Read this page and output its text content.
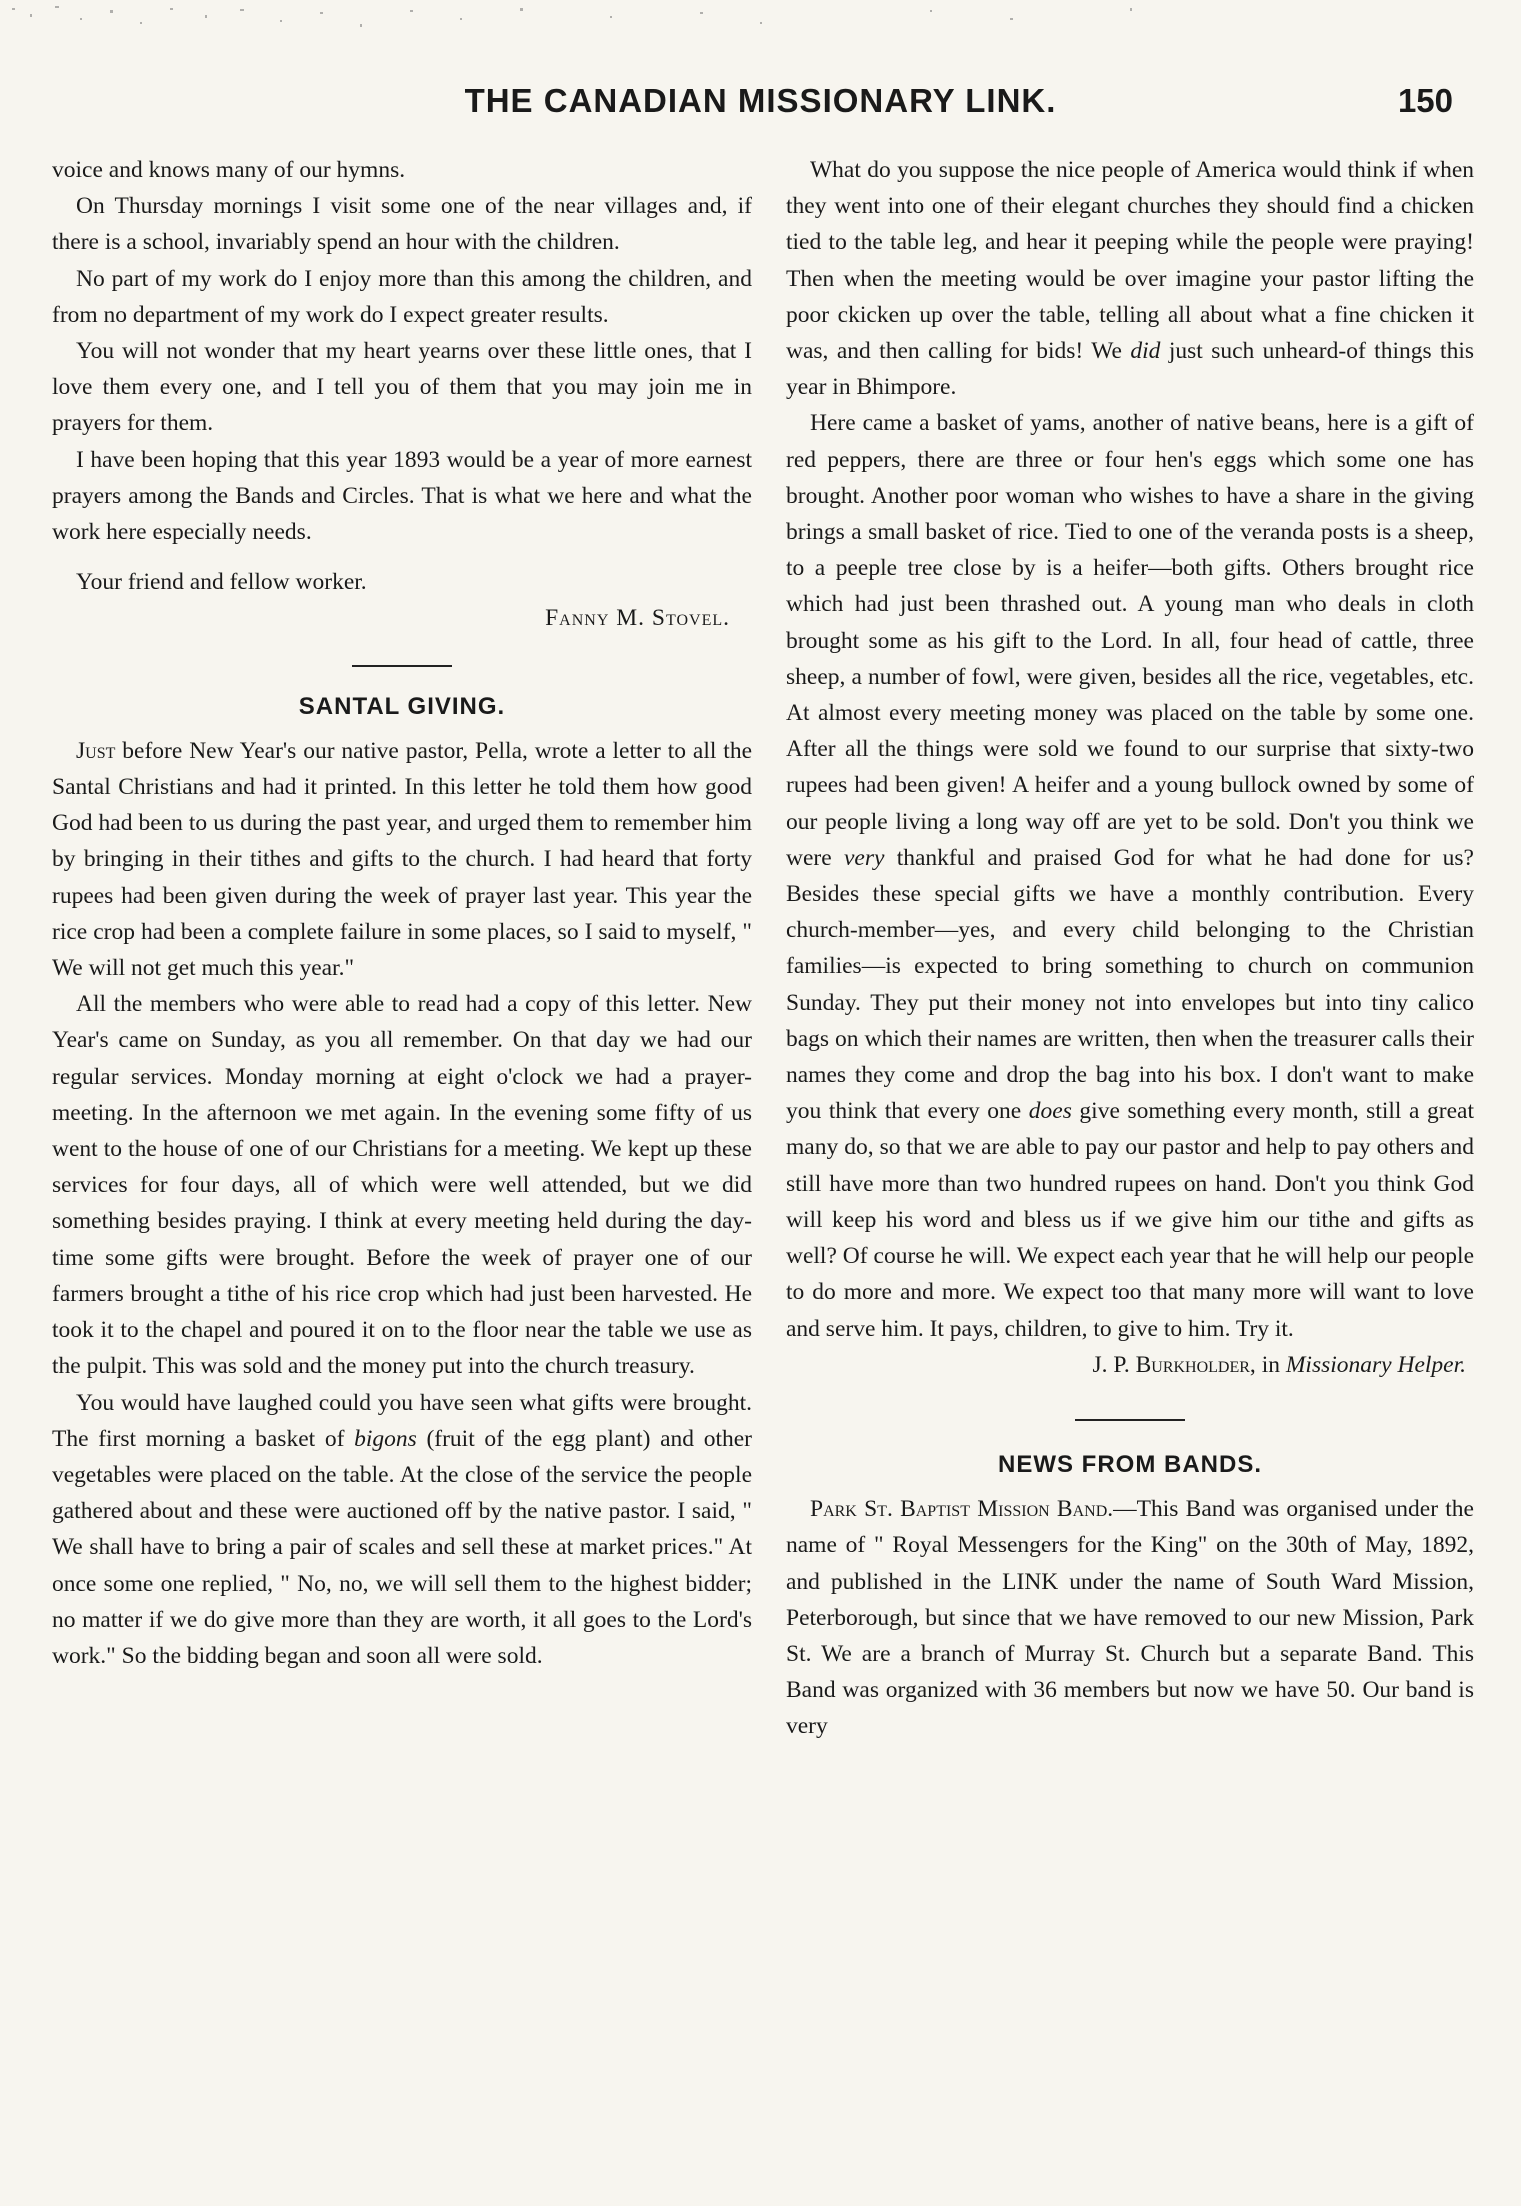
THE CANADIAN MISSIONARY LINK.	150

voice and knows many of our hymns.

On Thursday mornings I visit some one of the near villages and, if there is a school, invariably spend an hour with the children.

No part of my work do I enjoy more than this among the children, and from no department of my work do I expect greater results.

You will not wonder that my heart yearns over these little ones, that I love them every one, and I tell you of them that you may join me in prayers for them.

I have been hoping that this year 1893 would be a year of more earnest prayers among the Bands and Circles. That is what we here and what the work here especially needs.

Your friend and fellow worker.

Fanny M. Stovel.
SANTAL GIVING.

Just before New Year's our native pastor, Pella, wrote a letter to all the Santal Christians and had it printed. In this letter he told them how good God had been to us during the past year, and urged them to remember him by bringing in their tithes and gifts to the church. I had heard that forty rupees had been given during the week of prayer last year. This year the rice crop had been a complete failure in some places, so I said to myself, " We will not get much this year."

All the members who were able to read had a copy of this letter. New Year's came on Sunday, as you all remember. On that day we had our regular services. Monday morning at eight o'clock we had a prayer-meeting. In the afternoon we met again. In the evening some fifty of us went to the house of one of our Christians for a meeting. We kept up these services for four days, all of which were well attended, but we did something besides praying. I think at every meeting held during the day-time some gifts were brought. Before the week of prayer one of our farmers brought a tithe of his rice crop which had just been harvested. He took it to the chapel and poured it on to the floor near the table we use as the pulpit. This was sold and the money put into the church treasury.

You would have laughed could you have seen what gifts were brought. The first morning a basket of bigons (fruit of the egg plant) and other vegetables were placed on the table. At the close of the service the people gathered about and these were auctioned off by the native pastor. I said, " We shall have to bring a pair of scales and sell these at market prices." At once some one replied, " No, no, we will sell them to the highest bidder; no matter if we do give more than they are worth, it all goes to the Lord's work." So the bidding began and soon all were sold.

What do you suppose the nice people of America would think if when they went into one of their elegant churches they should find a chicken tied to the table leg, and hear it peeping while the people were praying! Then when the meeting would be over imagine your pastor lifting the poor ckicken up over the table, telling all about what a fine chicken it was, and then calling for bids! We did just such unheard-of things this year in Bhimpore.

Here came a basket of yams, another of native beans, here is a gift of red peppers, there are three or four hen's eggs which some one has brought. Another poor woman who wishes to have a share in the giving brings a small basket of rice. Tied to one of the veranda posts is a sheep, to a peeple tree close by is a heifer—both gifts. Others brought rice which had just been thrashed out. A young man who deals in cloth brought some as his gift to the Lord. In all, four head of cattle, three sheep, a number of fowl, were given, besides all the rice, vegetables, etc. At almost every meeting money was placed on the table by some one. After all the things were sold we found to our surprise that sixty-two rupees had been given! A heifer and a young bullock owned by some of our people living a long way off are yet to be sold. Don't you think we were very thankful and praised God for what he had done for us? Besides these special gifts we have a monthly contribution. Every church-member—yes, and every child belonging to the Christian families—is expected to bring something to church on communion Sunday. They put their money not into envelopes but into tiny calico bags on which their names are written, then when the treasurer calls their names they come and drop the bag into his box. I don't want to make you think that every one does give something every month, still a great many do, so that we are able to pay our pastor and help to pay others and still have more than two hundred rupees on hand. Don't you think God will keep his word and bless us if we give him our tithe and gifts as well? Of course he will. We expect each year that he will help our people to do more and more. We expect too that many more will want to love and serve him. It pays, children, to give to him. Try it.

J. P. Burkholder, in Missionary Helper.
NEWS FROM BANDS.

Park St. Baptist Mission Band.—This Band was organised under the name of " Royal Messengers for the King" on the 30th of May, 1892, and published in the LINK under the name of South Ward Mission, Peterborough, but since that we have removed to our new Mission, Park St. We are a branch of Murray St. Church but a separate Band. This Band was organized with 36 members but now we have 50. Our band is very
